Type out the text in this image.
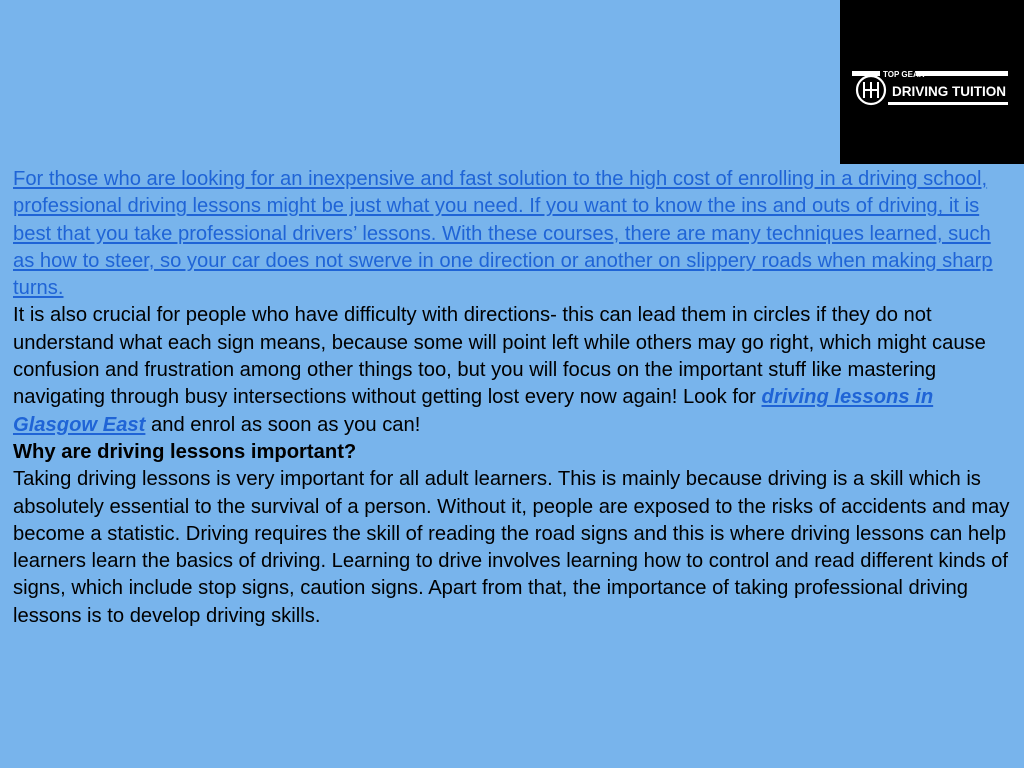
TOP GEAR
DRIVING TUITION

For those who are looking for an inexpensive and fast solution to the high cost of enrolling in a driving school, professional driving lessons might be just what you need. If you want to know the ins and outs of driving, it is best that you take professional drivers’ lessons. With these courses, there are many techniques learned, such as how to steer, so your car does not swerve in one direction or another on slippery roads when making sharp turns.

It is also crucial for people who have difficulty with directions- this can lead them in circles if they do not understand what each sign means, because some will point left while others may go right, which might cause confusion and frustration among other things too, but you will focus on the important stuff like mastering navigating through busy intersections without getting lost every now again! Look for driving lessons in Glasgow East and enrol as soon as you can!

Why are driving lessons important?

Taking driving lessons is very important for all adult learners. This is mainly because driving is a skill which is absolutely essential to the survival of a person. Without it, people are exposed to the risks of accidents and may become a statistic. Driving requires the skill of reading the road signs and this is where driving lessons can help learners learn the basics of driving. Learning to drive involves learning how to control and read different kinds of signs, which include stop signs, caution signs. Apart from that, the importance of taking professional driving lessons is to develop driving skills.
